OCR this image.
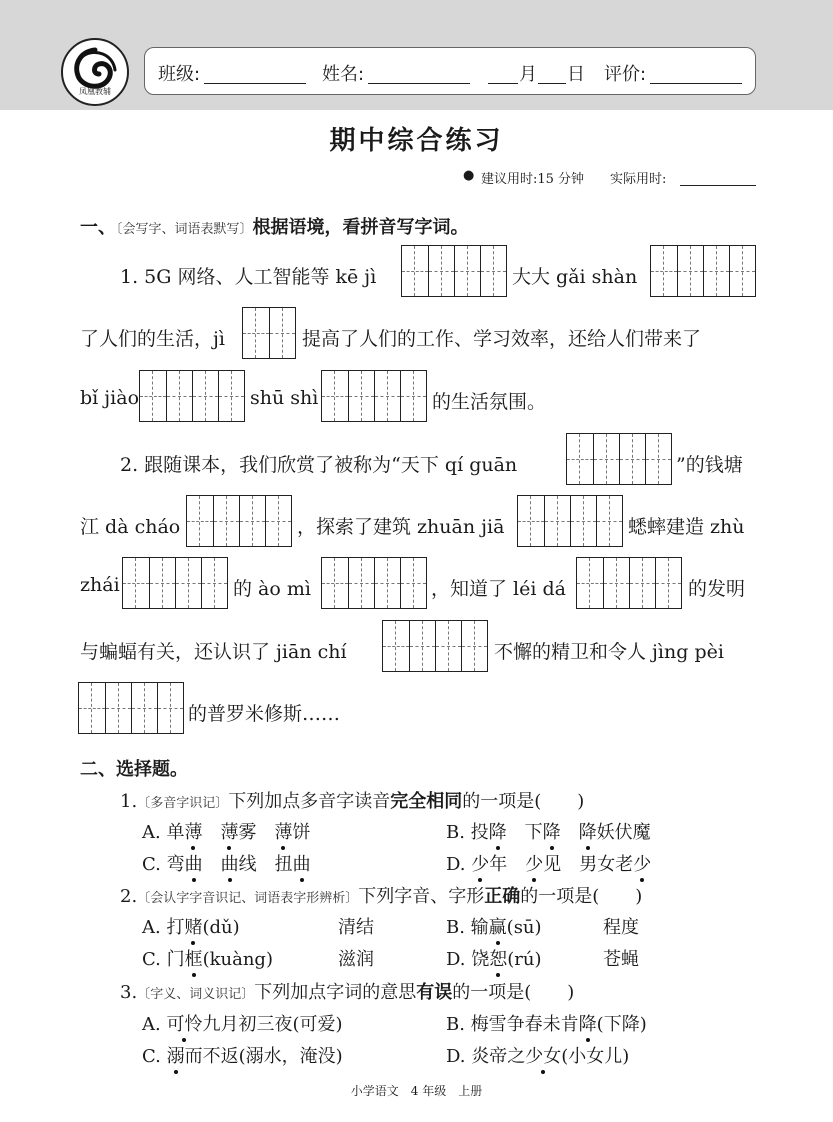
凤凰教辅
班级:	姓名:	月 日 评价:
期中综合练习
● 建议用时:15 分钟 实际用时:
一、〔会写字、词语表默写〕根据语境，看拼音写字词。
1. 5G 网络、人工智能等 kē jì	大大 gǎi shàn
了人们的生活，jì	提高了人们的工作、学习效率，还给人们带来了
bǐ jiào	shū shì	的生活氛围。
2. 跟随课本，我们欣赏了被称为“天下 qí guān	”的钱塘
江 dà cháo	，探索了建筑 zhuān jiā	蟋蟀建造 zhù
zhái	的 ào mì	，知道了 léi dá	的发明
与蝙蝠有关，还认识了 jiān chí	不懈的精卫和令人 jìng pèi
的普罗米修斯……
二、选择题。
1.〔多音字识记〕下列加点多音字读音完全相同的一项是(　　)
A. 单薄　 薄雾　 薄饼	B. 投降　下降　 降妖伏魔
C. 弯曲　 曲线　扭曲	D. 少年　少见　男女老少
2.〔会认字字音识记、词语表字形辨析〕下列字音、字形正确的一项是(　　)
A. 打赌(dǔ)	清结	B. 输赢(sū)	程度
C. 门框(kuàng)	滋润	D. 饶恕(rú)	苍蝇
3.〔字义、词义识记〕下列加点字词的意思有误的一项是(　　)
A. 可怜九月初三夜(可爱)	B. 梅雪争春未肯降(下降)
C. 溺而不返(溺水，淹没)	D. 炎帝之少女(小女儿)
小学语文　4 年级　上册
